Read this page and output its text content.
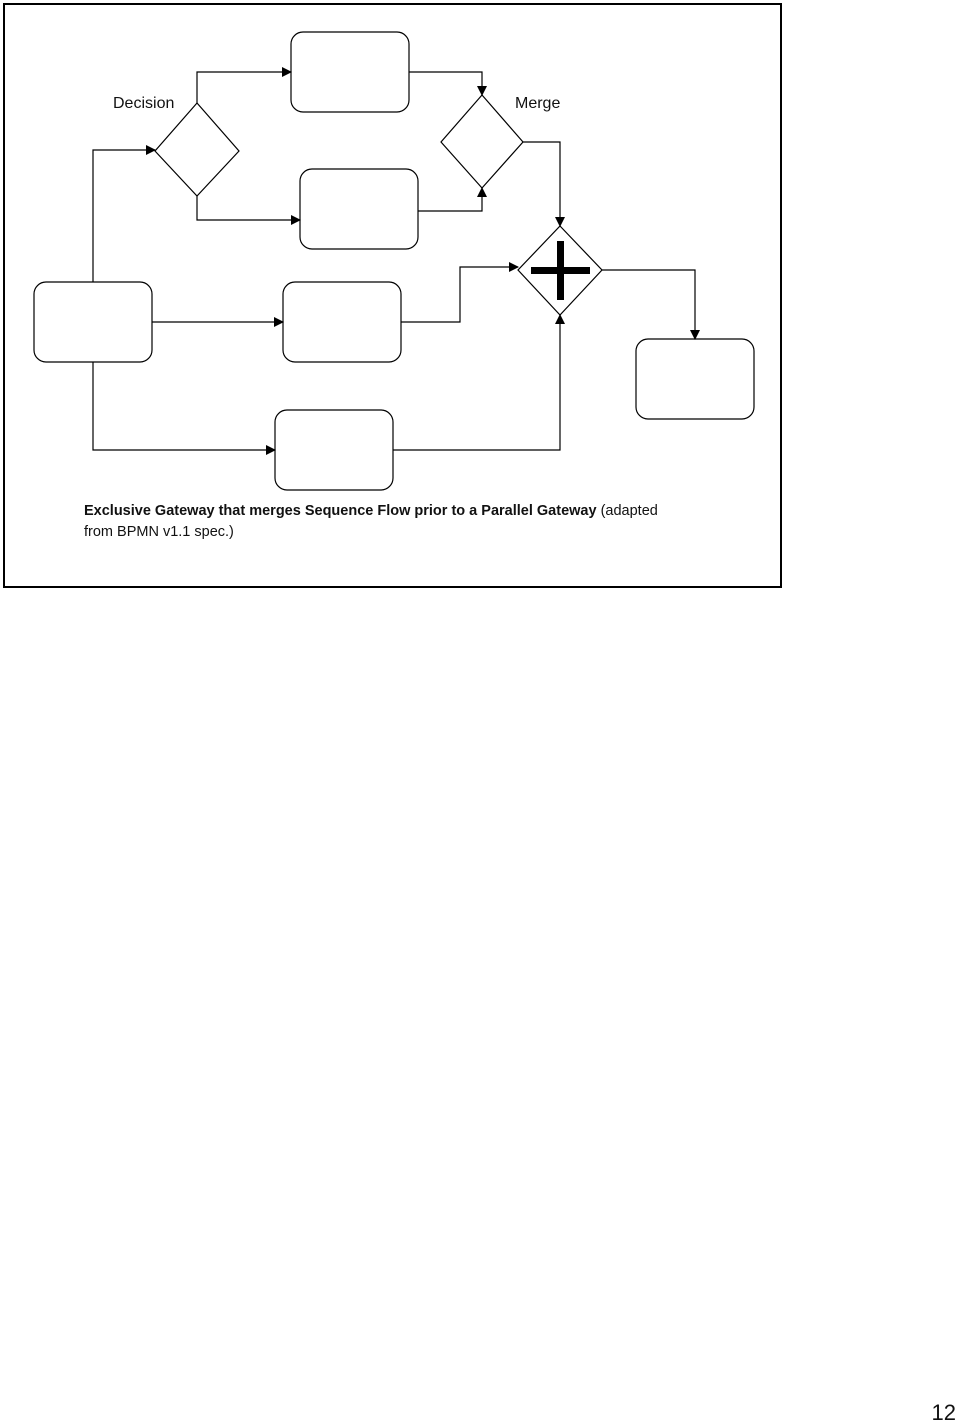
Decision	Merge
Exclusive Gateway that merges Sequence Flow prior to a Parallel Gateway (adapted
from BPMN v1.1 spec.)
12
